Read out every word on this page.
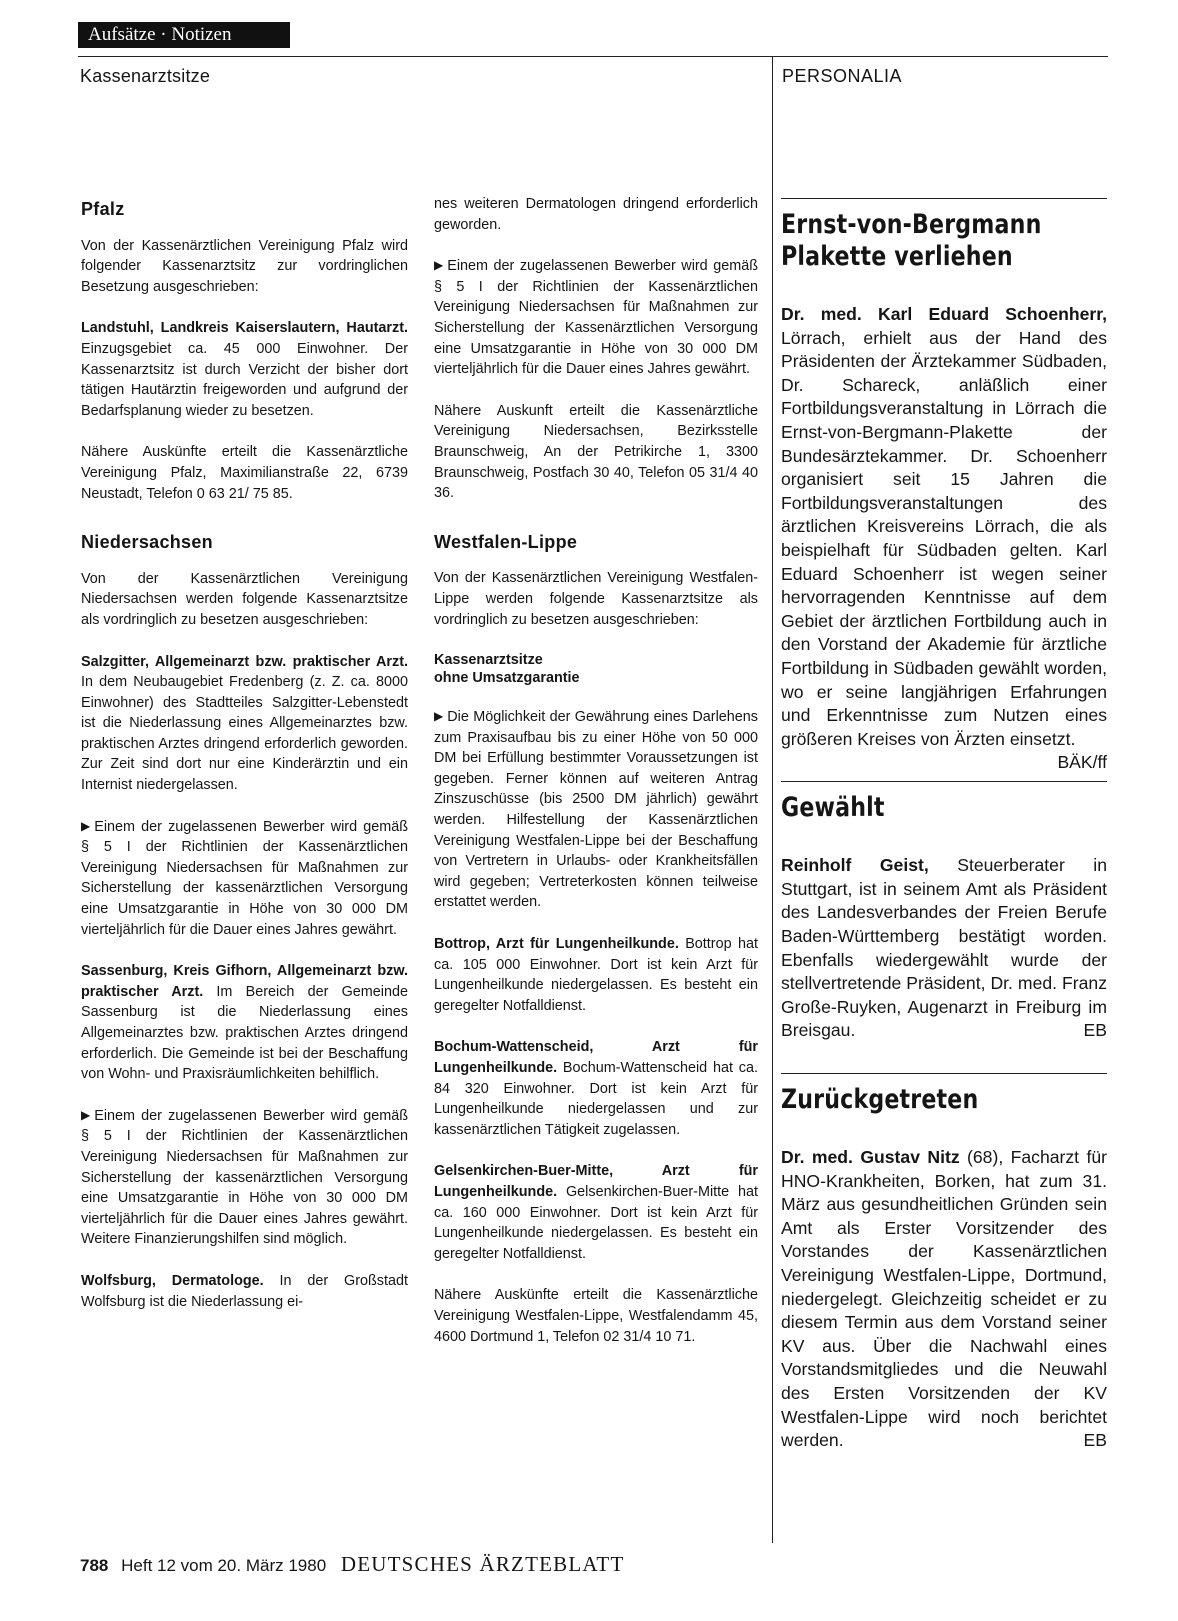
Aufsätze · Notizen
Kassenarztsitze	PERSONALIA
Pfalz

Von der Kassenärztlichen Vereinigung Pfalz wird folgender Kassenarztsitz zur vordringlichen Besetzung ausgeschrieben:

Landstuhl, Landkreis Kaiserslautern, Hautarzt. Einzugsgebiet ca. 45 000 Einwohner. Der Kassenarztsitz ist durch Verzicht der bisher dort tätigen Hautärztin freigeworden und aufgrund der Bedarfsplanung wieder zu besetzen.

Nähere Auskünfte erteilt die Kassenärztliche Vereinigung Pfalz, Maximilianstraße 22, 6739 Neustadt, Telefon 0 63 21/ 75 85.

Niedersachsen

Von der Kassenärztlichen Vereinigung Niedersachsen werden folgende Kassenarztsitze als vordringlich zu besetzen ausgeschrieben:

Salzgitter, Allgemeinarzt bzw. praktischer Arzt. In dem Neubaugebiet Fredenberg (z. Z. ca. 8000 Einwohner) des Stadtteiles Salzgitter-Lebenstedt ist die Niederlassung eines Allgemeinarztes bzw. praktischen Arztes dringend erforderlich geworden. Zur Zeit sind dort nur eine Kinderärztin und ein Internist niedergelassen.

▶ Einem der zugelassenen Bewerber wird gemäß § 5 I der Richtlinien der Kassenärztlichen Vereinigung Niedersachsen für Maßnahmen zur Sicherstellung der kassenärztlichen Versorgung eine Umsatzgarantie in Höhe von 30 000 DM vierteljährlich für die Dauer eines Jahres gewährt.

Sassenburg, Kreis Gifhorn, Allgemeinarzt bzw. praktischer Arzt. Im Bereich der Gemeinde Sassenburg ist die Niederlassung eines Allgemeinarztes bzw. praktischen Arztes dringend erforderlich. Die Gemeinde ist bei der Beschaffung von Wohn- und Praxisräumlichkeiten behilflich.

▶ Einem der zugelassenen Bewerber wird gemäß § 5 I der Richtlinien der Kassenärztlichen Vereinigung Niedersachsen für Maßnahmen zur Sicherstellung der kassenärztlichen Versorgung eine Umsatzgarantie in Höhe von 30 000 DM vierteljährlich für die Dauer eines Jahres gewährt. Weitere Finanzierungshilfen sind möglich.

Wolfsburg, Dermatologe. In der Großstadt Wolfsburg ist die Niederlassung ei-

nes weiteren Dermatologen dringend erforderlich geworden.

▶ Einem der zugelassenen Bewerber wird gemäß § 5 I der Richtlinien der Kassenärztlichen Vereinigung Niedersachsen für Maßnahmen zur Sicherstellung der Kassenärztlichen Versorgung eine Umsatzgarantie in Höhe von 30 000 DM vierteljährlich für die Dauer eines Jahres gewährt.

Nähere Auskunft erteilt die Kassenärztliche Vereinigung Niedersachsen, Bezirksstelle Braunschweig, An der Petrikirche 1, 3300 Braunschweig, Postfach 30 40, Telefon 05 31/4 40 36.

Westfalen-Lippe

Von der Kassenärztlichen Vereinigung Westfalen-Lippe werden folgende Kassenarztsitze als vordringlich zu besetzen ausgeschrieben:

Kassenarztsitze
ohne Umsatzgarantie

▶ Die Möglichkeit der Gewährung eines Darlehens zum Praxisaufbau bis zu einer Höhe von 50 000 DM bei Erfüllung bestimmter Voraussetzungen ist gegeben. Ferner können auf weiteren Antrag Zinszuschüsse (bis 2500 DM jährlich) gewährt werden. Hilfestellung der Kassenärztlichen Vereinigung Westfalen-Lippe bei der Beschaffung von Vertretern in Urlaubs- oder Krankheitsfällen wird gegeben; Vertreterkosten können teilweise erstattet werden.

Bottrop, Arzt für Lungenheilkunde. Bottrop hat ca. 105 000 Einwohner. Dort ist kein Arzt für Lungenheilkunde niedergelassen. Es besteht ein geregelter Notfalldienst.

Bochum-Wattenscheid, Arzt für Lungenheilkunde. Bochum-Wattenscheid hat ca. 84 320 Einwohner. Dort ist kein Arzt für Lungenheilkunde niedergelassen und zur kassenärztlichen Tätigkeit zugelassen.

Gelsenkirchen-Buer-Mitte, Arzt für Lungenheilkunde. Gelsenkirchen-Buer-Mitte hat ca. 160 000 Einwohner. Dort ist kein Arzt für Lungenheilkunde niedergelassen. Es besteht ein geregelter Notfalldienst.

Nähere Auskünfte erteilt die Kassenärztliche Vereinigung Westfalen-Lippe, Westfalendamm 45, 4600 Dortmund 1, Telefon 02 31/4 10 71.

Ernst-von-Bergmann
Plakette verliehen

Dr. med. Karl Eduard Schoenherr, Lörrach, erhielt aus der Hand des Präsidenten der Ärztekammer Südbaden, Dr. Schareck, anläßlich einer Fortbildungsveranstaltung in Lörrach die Ernst-von-Bergmann-Plakette der Bundesärztekammer. Dr. Schoenherr organisiert seit 15 Jahren die Fortbildungsveranstaltungen des ärztlichen Kreisvereins Lörrach, die als beispielhaft für Südbaden gelten. Karl Eduard Schoenherr ist wegen seiner hervorragenden Kenntnisse auf dem Gebiet der ärztlichen Fortbildung auch in den Vorstand der Akademie für ärztliche Fortbildung in Südbaden gewählt worden, wo er seine langjährigen Erfahrungen und Erkenntnisse zum Nutzen eines größeren Kreises von Ärzten einsetzt.
BÄK/ff

Gewählt

Reinholf Geist, Steuerberater in Stuttgart, ist in seinem Amt als Präsident des Landesverbandes der Freien Berufe Baden-Württemberg bestätigt worden. Ebenfalls wiedergewählt wurde der stellvertretende Präsident, Dr. med. Franz Große-Ruyken, Augenarzt in Freiburg im Breisgau.	EB

Zurückgetreten

Dr. med. Gustav Nitz (68), Facharzt für HNO-Krankheiten, Borken, hat zum 31. März aus gesundheitlichen Gründen sein Amt als Erster Vorsitzender des Vorstandes der Kassenärztlichen Vereinigung Westfalen-Lippe, Dortmund, niedergelegt. Gleichzeitig scheidet er zu diesem Termin aus dem Vorstand seiner KV aus. Über die Nachwahl eines Vorstandsmitgliedes und die Neuwahl des Ersten Vorsitzenden der KV Westfalen-Lippe wird noch berichtet werden.	EB

788 Heft 12 vom 20. März 1980 DEUTSCHES ÄRZTEBLATT
